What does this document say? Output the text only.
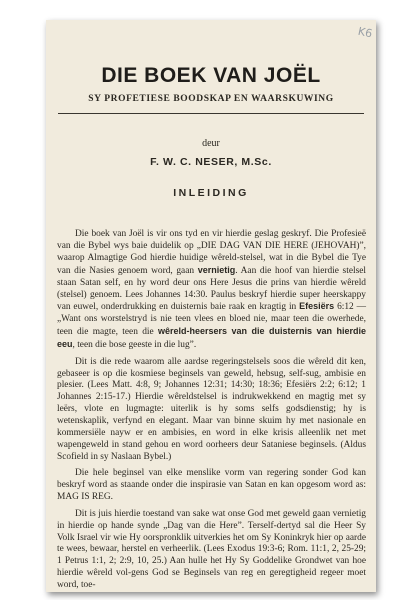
K6
DIE BOEK VAN JOËL
SY PROFETIESE BOODSKAP EN WAARSKUWING
deur
F. W. C. NESER, M.Sc.
INLEIDING

Die boek van Joël is vir ons tyd en vir hierdie geslag geskryf. Die Profesieë van die Bybel wys baie duidelik op „DIE DAG VAN DIE HERE (JEHOVAH)”, waarop Almagtige God hierdie huidige wêreld-stelsel, wat in die Bybel die Tye van die Nasies genoem word, gaan vernietig. Aan die hoof van hierdie stelsel staan Satan self, en hy word deur ons Here Jesus die prins van hierdie wêreld (stelsel) genoem. Lees Johannes 14:30. Paulus beskryf hierdie super heerskappy van euwel, onderdrukking en duisternis baie raak en kragtig in Efesiërs 6:12 — „Want ons worstelstryd is nie teen vlees en bloed nie, maar teen die owerhede, teen die magte, teen die wêreld-heersers van die duisternis van hierdie eeu, teen die bose geeste in die lug”.

Dit is die rede waarom alle aardse regeringstelsels soos die wêreld dit ken, gebaseer is op die kosmiese beginsels van geweld, hebsug, self-sug, ambisie en plesier. (Lees Matt. 4:8, 9; Johannes 12:31; 14:30; 18:36; Efesiërs 2:2; 6:12; 1 Johannes 2:15-17.) Hierdie wêreldstelsel is indrukwekkend en magtig met sy leërs, vlote en lugmagte: uiterlik is hy soms selfs godsdienstig; hy is wetenskaplik, verfynd en elegant. Maar van binne skuim hy met nasionale en kommersiële nayw er en ambisies, en word in elke krisis alleenlik net met wapengeweld in stand gehou en word oorheers deur Sataniese beginsels. (Aldus Scofield in sy Naslaan Bybel.)

Die hele beginsel van elke menslike vorm van regering sonder God kan beskryf word as staande onder die inspirasie van Satan en kan opgesom word as: MAG IS REG.

Dit is juis hierdie toestand van sake wat onse God met geweld gaan vernietig in hierdie op hande synde „Dag van die Here”. Terself-dertyd sal die Heer Sy Volk Israel vir wie Hy oorspronklik uitverkies het om Sy Koninkryk hier op aarde te wees, bewaar, herstel en verheerlik. (Lees Exodus 19:3-6; Rom. 11:1, 2, 25-29; 1 Petrus 1:1, 2; 2:9, 10, 25.) Aan hulle het Hy Sy Goddelike Grondwet van hoe hierdie wêreld vol-gens God se Beginsels van reg en geregtigheid regeer moet word, toe-
